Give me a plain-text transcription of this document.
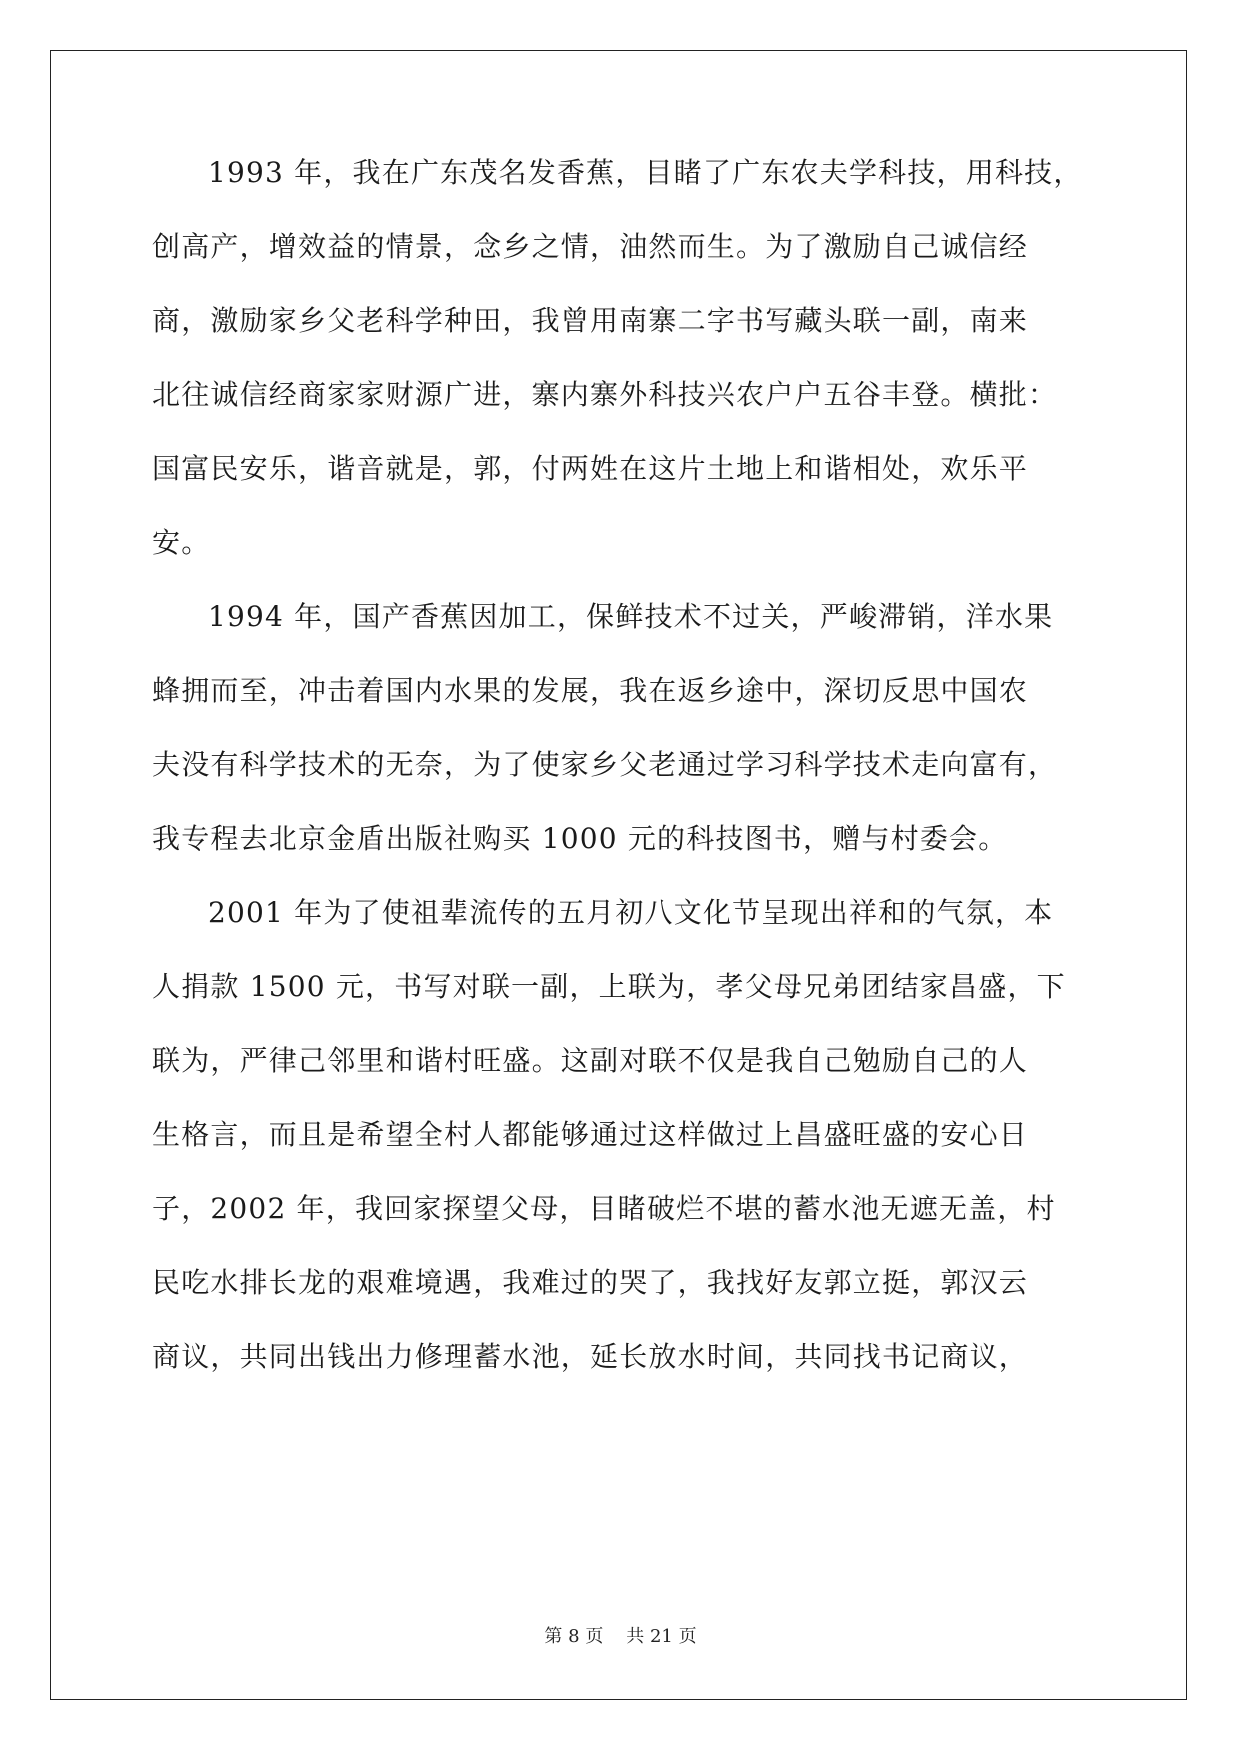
1993 年，我在广东茂名发香蕉，目睹了广东农夫学科技，用科技，
创高产，增效益的情景，念乡之情，油然而生。为了激励自己诚信经
商，激励家乡父老科学种田，我曾用南寨二字书写藏头联一副，南来
北往诚信经商家家财源广进，寨内寨外科技兴农户户五谷丰登。横批：
国富民安乐，谐音就是，郭，付两姓在这片土地上和谐相处，欢乐平
安。
1994 年，国产香蕉因加工，保鲜技术不过关，严峻滞销，洋水果
蜂拥而至，冲击着国内水果的发展，我在返乡途中，深切反思中国农
夫没有科学技术的无奈，为了使家乡父老通过学习科学技术走向富有，
我专程去北京金盾出版社购买 1000 元的科技图书，赠与村委会。
2001 年为了使祖辈流传的五月初八文化节呈现出祥和的气氛，本
人捐款 1500 元，书写对联一副，上联为，孝父母兄弟团结家昌盛，下
联为，严律己邻里和谐村旺盛。这副对联不仅是我自己勉励自己的人
生格言，而且是希望全村人都能够通过这样做过上昌盛旺盛的安心日
子，2002 年，我回家探望父母，目睹破烂不堪的蓄水池无遮无盖，村
民吃水排长龙的艰难境遇，我难过的哭了，我找好友郭立挺，郭汉云
商议，共同出钱出力修理蓄水池，延长放水时间，共同找书记商议，
第 8 页 共 21 页
